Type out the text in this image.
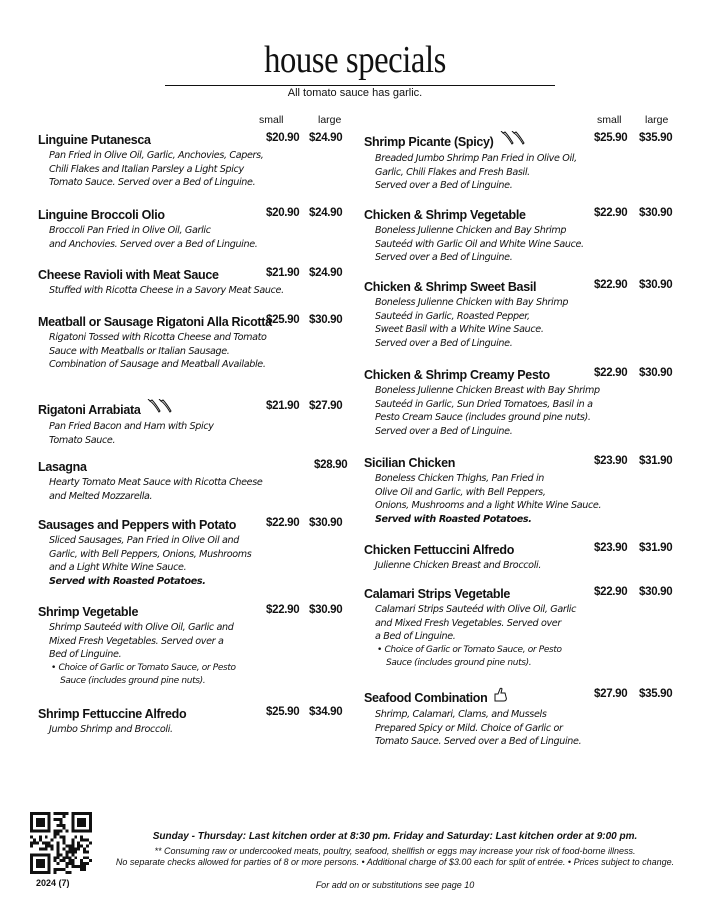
house specials
All tomato sauce has garlic.
small	large	small large
Linguine Putanesca
Pan Fried in Olive Oil, Garlic, Anchovies, Capers,
Chili Flakes and Italian Parsley a Light Spicy
Tomato Sauce. Served over a Bed of Linguine.
$20.90 $24.90
Linguine Broccoli Olio
Broccoli Pan Fried in Olive Oil, Garlic
and Anchovies. Served over a Bed of Linguine.
$20.90 $24.90
Cheese Ravioli with Meat Sauce
Stuffed with Ricotta Cheese in a Savory Meat Sauce.
$21.90 $24.90
Meatball or Sausage Rigatoni Alla Ricotta
Rigatoni Tossed with Ricotta Cheese and Tomato
Sauce with Meatballs or Italian Sausage.
Combination of Sausage and Meatball Available.
$25.90 $30.90
Rigatoni Arrabiata
Pan Fried Bacon and Ham with Spicy
Tomato Sauce.
$21.90 $27.90
Lasagna
Hearty Tomato Meat Sauce with Ricotta Cheese
and Melted Mozzarella.
$28.90
Sausages and Peppers with Potato
Sliced Sausages, Pan Fried in Olive Oil and
Garlic, with Bell Peppers, Onions, Mushrooms
and a Light White Wine Sauce.
Served with Roasted Potatoes.
$22.90 $30.90
Shrimp Vegetable
Shrimp Sauteéd with Olive Oil, Garlic and
Mixed Fresh Vegetables. Served over a
Bed of Linguine.
• Choice of Garlic or Tomato Sauce, or Pesto
Sauce (includes ground pine nuts).
$22.90 $30.90
Shrimp Fettuccine Alfredo
Jumbo Shrimp and Broccoli.
$25.90 $34.90
Shrimp Picante (Spicy)
Breaded Jumbo Shrimp Pan Fried in Olive Oil,
Garlic, Chili Flakes and Fresh Basil.
Served over a Bed of Linguine.
$25.90 $35.90
Chicken & Shrimp Vegetable
Boneless Julienne Chicken and Bay Shrimp
Sauteéd with Garlic Oil and White Wine Sauce.
Served over a Bed of Linguine.
$22.90 $30.90
Chicken & Shrimp Sweet Basil
Boneless Julienne Chicken with Bay Shrimp
Sauteéd in Garlic, Roasted Pepper,
Sweet Basil with a White Wine Sauce.
Served over a Bed of Linguine.
$22.90 $30.90
Chicken & Shrimp Creamy Pesto
Boneless Julienne Chicken Breast with Bay Shrimp
Sauteéd in Garlic, Sun Dried Tomatoes, Basil in a
Pesto Cream Sauce (includes ground pine nuts).
Served over a Bed of Linguine.
$22.90 $30.90
Sicilian Chicken
Boneless Chicken Thighs, Pan Fried in
Olive Oil and Garlic, with Bell Peppers,
Onions, Mushrooms and a light White Wine Sauce.
Served with Roasted Potatoes.
$23.90 $31.90
Chicken Fettuccini Alfredo
Julienne Chicken Breast and Broccoli.
$23.90 $31.90
Calamari Strips Vegetable
Calamari Strips Sauteéd with Olive Oil, Garlic
and Mixed Fresh Vegetables. Served over
a Bed of Linguine.
• Choice of Garlic or Tomato Sauce, or Pesto
Sauce (includes ground pine nuts).
$22.90 $30.90
Seafood Combination
Shrimp, Calamari, Clams, and Mussels
Prepared Spicy or Mild. Choice of Garlic or
Tomato Sauce. Served over a Bed of Linguine.
$27.90 $35.90
2024 (7)
Sunday - Thursday: Last kitchen order at 8:30 pm. Friday and Saturday: Last kitchen order at 9:00 pm.
** Consuming raw or undercooked meats, poultry, seafood, shellfish or eggs may increase your risk of food-borne illness.
No separate checks allowed for parties of 8 or more persons. • Additional charge of $3.00 each for split of entrée. • Prices subject to change.
For add on or substitutions see page 10
